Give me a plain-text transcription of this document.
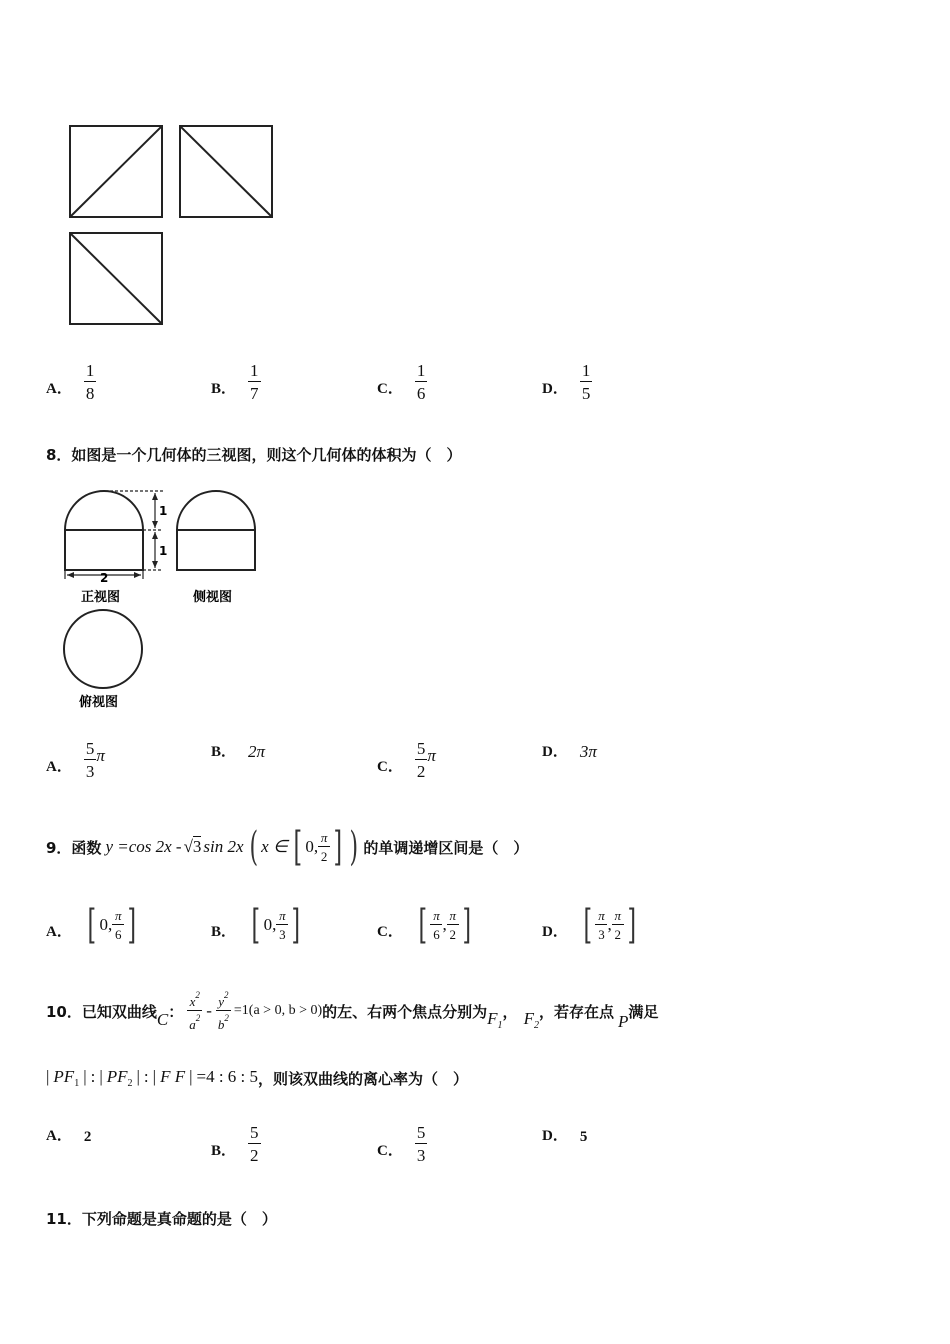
A． $\frac{1}{8}$	B． $\frac{1}{7}$	C． $\frac{1}{6}$	D． $\frac{1}{5}$
8．如图是一个几何体的三视图，则这个几何体的体积为（　）
1
1
2
正视图	侧视图
俯视图
A． $\frac{5}{3}$ π	B． 2π
C． $\frac{5}{2}$ π	D． 3π
9．函数 y =cos 2x - √3 sin 2x ( x ∈ [ 0, $\frac{\pi}{2}$ ] ) 的单调递增区间是（　）
A． [ 0, $\frac{\pi}{6}$ ]	B． [ 0, $\frac{\pi}{3}$ ]	C． [ $\frac{\pi}{6}$ , $\frac{\pi}{2}$ ]	D． [ $\frac{\pi}{3}$ , $\frac{\pi}{2}$ ]
10．已知双曲线 C ： $\frac{x^2}{a^2} - \frac{y^2}{b^2} =1(a > 0$, b > 0) 的左、右两个焦点分别为 $F_1$
， $F_2$
，若存在点
P
满足
| $PF_1$ | : | $PF_2$ | : | F F | =4 : 6 : 5 ，则该双曲线的离心率为（　）
A． 2
B． $\frac{5}{2}$	C． $\frac{5}{3}$	D． 5
11．下列命题是真命题的是（　）
